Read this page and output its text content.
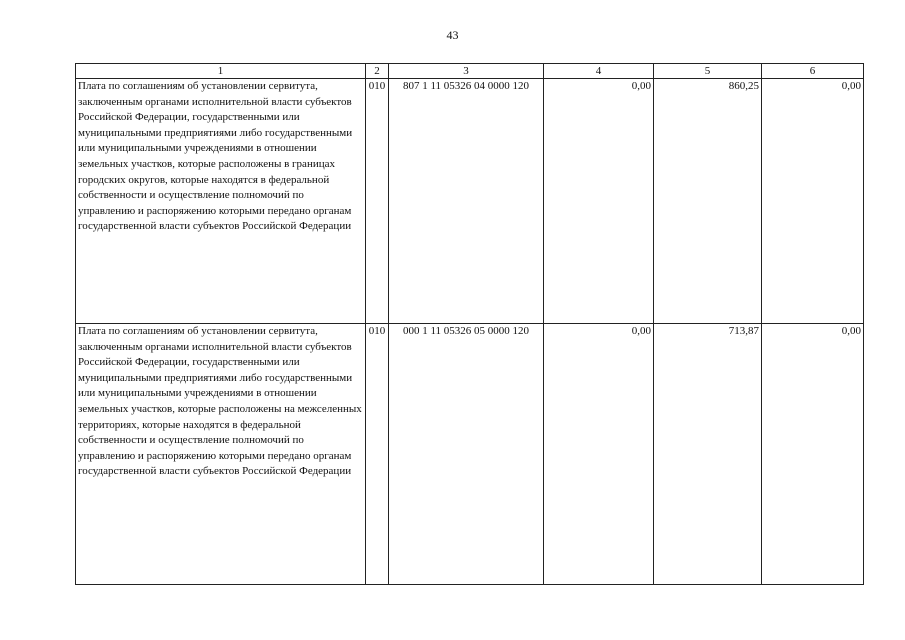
43
1	2	3	4	5	6
Плата по соглашениям об установлении сервитута, заключенным органами исполнительной власти субъектов Российской Федерации, государственными или муниципальными предприятиями либо государственными или муниципальными учреждениями в отношении земельных участков, которые расположены в границах городских округов, которые находятся в федеральной собственности и осуществление полномочий по управлению и распоряжению которыми передано органам государственной власти субъектов Российской Федерации	010	807 1 11 05326 04 0000 120	0,00	860,25	0,00
Плата по соглашениям об установлении сервитута, заключенным органами исполнительной власти субъектов Российской Федерации, государственными или муниципальными предприятиями либо государственными или муниципальными учреждениями в отношении земельных участков, которые расположены на межселенных территориях, которые находятся в федеральной собственности и осуществление полномочий по управлению и распоряжению которыми передано органам государственной власти субъектов Российской Федерации	010	000 1 11 05326 05 0000 120	0,00	713,87	0,00
